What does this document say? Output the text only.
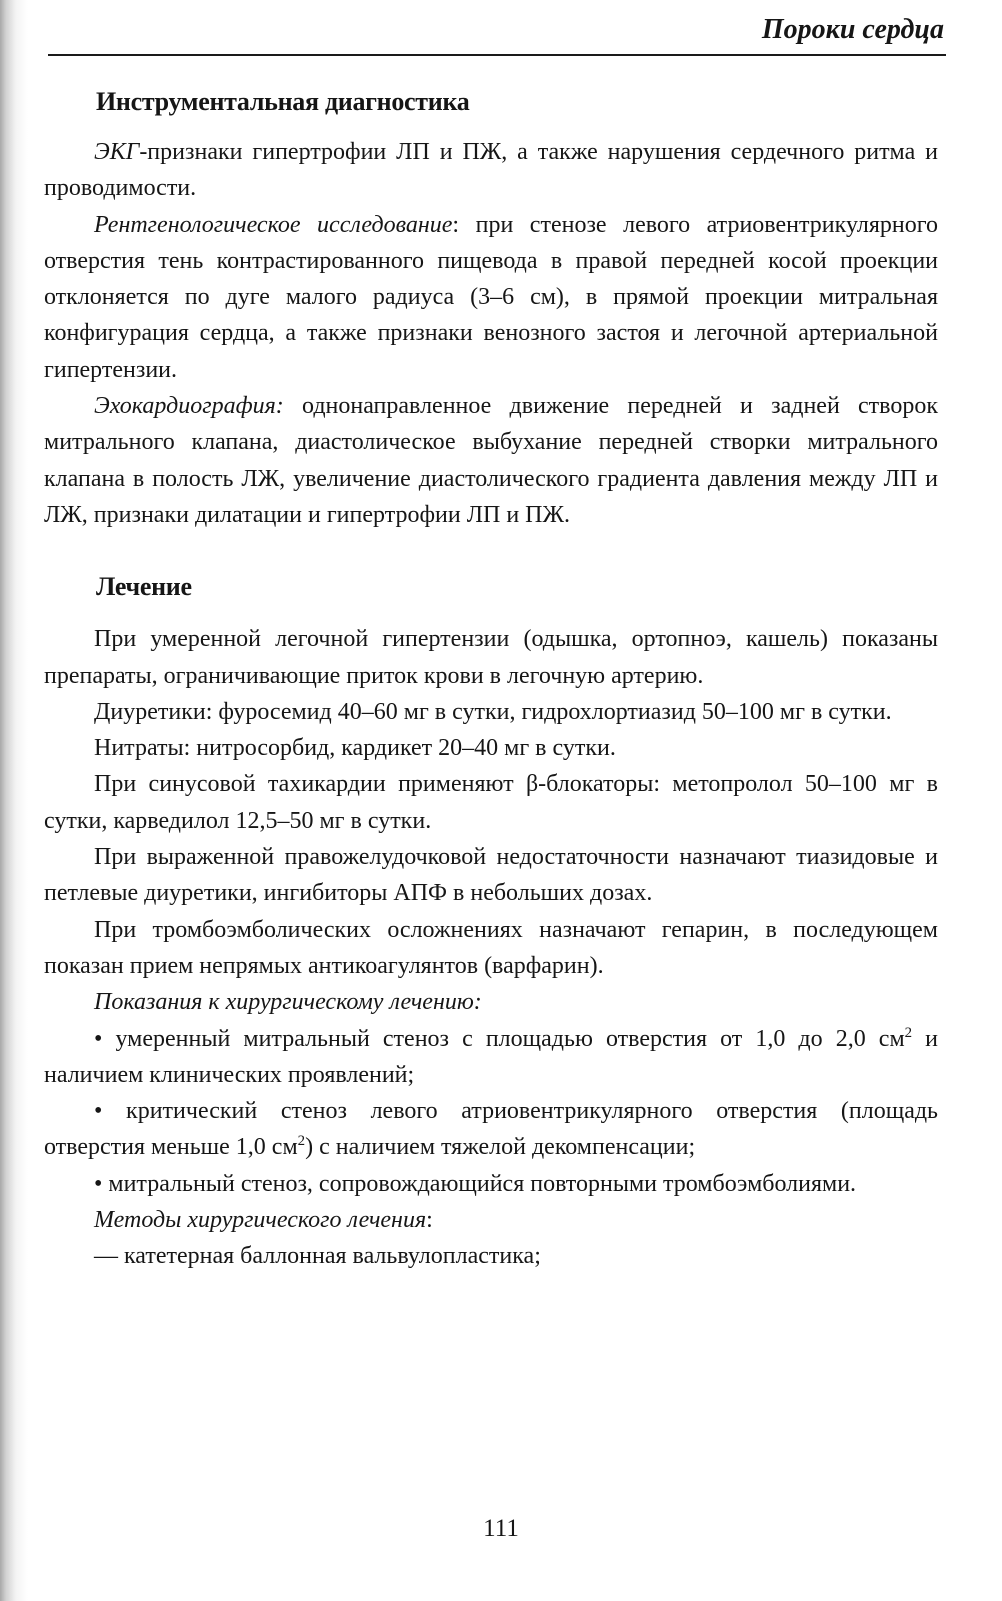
Пороки сердца
Инструментальная диагностика

ЭКГ-признаки гипертрофии ЛП и ПЖ, а также нарушения сердечного ритма и проводимости.

Рентгенологическое исследование: при стенозе левого атриовентрикулярного отверстия тень контрастированного пищевода в правой передней косой проекции отклоняется по дуге малого радиуса (3–6 см), в прямой проекции митральная конфигурация сердца, а также признаки венозного застоя и легочной артериальной гипертензии.

Эхокардиография: однонаправленное движение передней и задней створок митрального клапана, диастолическое выбухание передней створки митрального клапана в полость ЛЖ, увеличение диастолического градиента давления между ЛП и ЛЖ, признаки дилатации и гипертрофии ЛП и ПЖ.

Лечение

При умеренной легочной гипертензии (одышка, ортопноэ, кашель) показаны препараты, ограничивающие приток крови в легочную артерию.

Диуретики: фуросемид 40–60 мг в сутки, гидрохлортиазид 50–100 мг в сутки.

Нитраты: нитросорбид, кардикет 20–40 мг в сутки.

При синусовой тахикардии применяют β-блокаторы: метопролол 50–100 мг в сутки, карведилол 12,5–50 мг в сутки.

При выраженной правожелудочковой недостаточности назначают тиазидовые и петлевые диуретики, ингибиторы АПФ в небольших дозах.

При тромбоэмболических осложнениях назначают гепарин, в последующем показан прием непрямых антикоагулянтов (варфарин).

Показания к хирургическому лечению:

• умеренный митральный стеноз с площадью отверстия от 1,0 до 2,0 $см^2$ и наличием клинических проявлений;

• критический стеноз левого атриовентрикулярного отверстия (площадь отверстия меньше 1,0 $см^2$) с наличием тяжелой декомпенсации;

• митральный стеноз, сопровождающийся повторными тромбоэмболиями.

Методы хирургического лечения:

— катетерная баллонная вальвулопластика;

111
